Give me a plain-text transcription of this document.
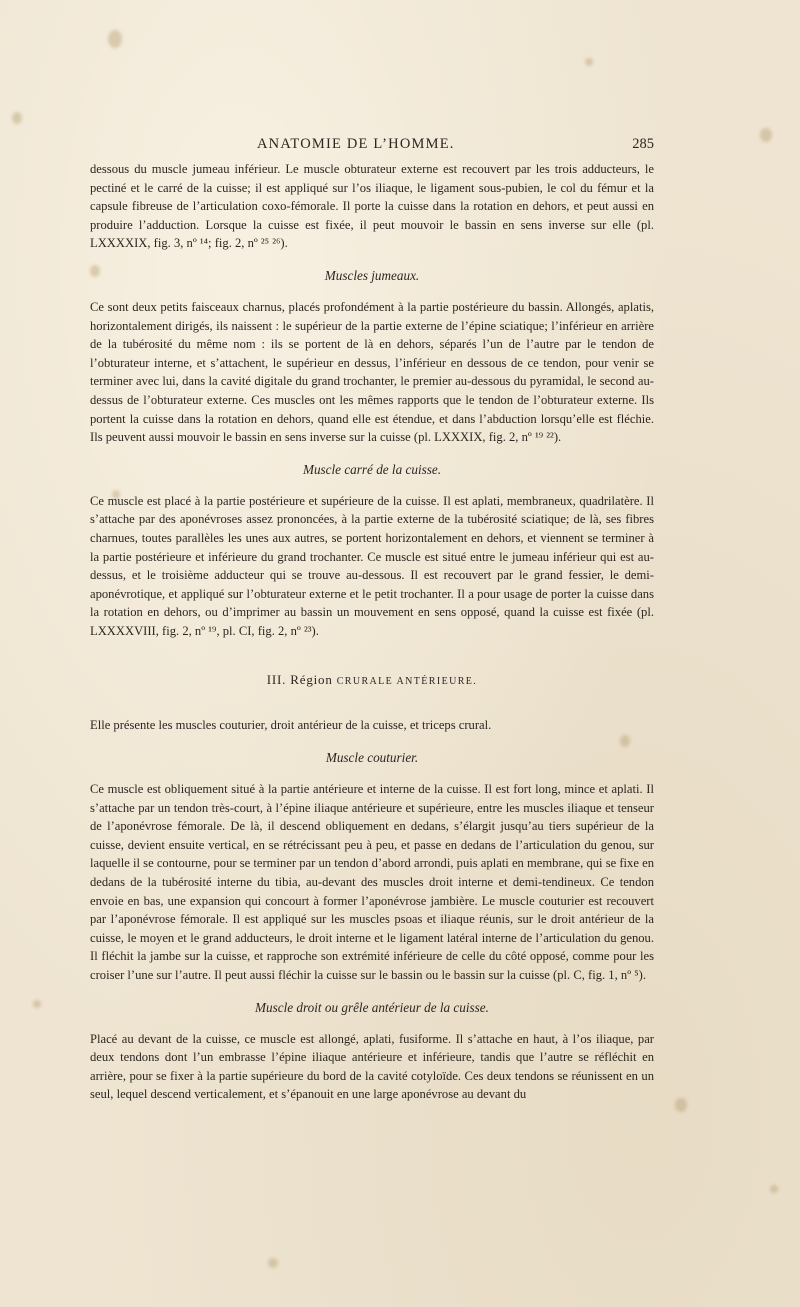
ANATOMIE DE L’HOMME.	285

dessous du muscle jumeau inférieur. Le muscle obturateur externe est recouvert par les trois adducteurs, le pectiné et le carré de la cuisse; il est appliqué sur l’os iliaque, le ligament sous-pubien, le col du fémur et la capsule fibreuse de l’articulation coxo-fémorale. Il porte la cuisse dans la rotation en dehors, et peut aussi en produire l’adduction. Lorsque la cuisse est fixée, il peut mouvoir le bassin en sens inverse sur elle (pl. LXXXXIX, fig. 3, nº ¹⁴; fig. 2, nº ²⁵ ²⁶).

Muscles jumeaux.

Ce sont deux petits faisceaux charnus, placés profondément à la partie postérieure du bassin. Allongés, aplatis, horizontalement dirigés, ils naissent : le supérieur de la partie externe de l’épine sciatique; l’inférieur en arrière de la tubérosité du même nom : ils se portent de là en dehors, séparés l’un de l’autre par le tendon de l’obturateur interne, et s’attachent, le supérieur en dessus, l’inférieur en dessous de ce tendon, pour venir se terminer avec lui, dans la cavité digitale du grand trochanter, le premier au-dessous du pyramidal, le second au-dessus de l’obturateur externe. Ces muscles ont les mêmes rapports que le tendon de l’obturateur externe. Ils portent la cuisse dans la rotation en dehors, quand elle est étendue, et dans l’abduction lorsqu’elle est fléchie. Ils peuvent aussi mouvoir le bassin en sens inverse sur la cuisse (pl. LXXXIX, fig. 2, nº ¹⁹ ²²).

Muscle carré de la cuisse.

Ce muscle est placé à la partie postérieure et supérieure de la cuisse. Il est aplati, membraneux, quadrilatère. Il s’attache par des aponévroses assez prononcées, à la partie externe de la tubérosité sciatique; de là, ses fibres charnues, toutes parallèles les unes aux autres, se portent horizontalement en dehors, et viennent se terminer à la partie postérieure et inférieure du grand trochanter. Ce muscle est situé entre le jumeau inférieur qui est au-dessus, et le troisième adducteur qui se trouve au-dessous. Il est recouvert par le grand fessier, le demi-aponévrotique, et appliqué sur l’obturateur externe et le petit trochanter. Il a pour usage de porter la cuisse dans la rotation en dehors, ou d’imprimer au bassin un mouvement en sens opposé, quand la cuisse est fixée (pl. LXXXXVIII, fig. 2, nº ¹⁹, pl. CI, fig. 2, nº ²³).

III. Région CRURALE ANTÉRIEURE.

Elle présente les muscles couturier, droit antérieur de la cuisse, et triceps crural.

Muscle couturier.

Ce muscle est obliquement situé à la partie antérieure et interne de la cuisse. Il est fort long, mince et aplati. Il s’attache par un tendon très-court, à l’épine iliaque antérieure et supérieure, entre les muscles iliaque et tenseur de l’aponévrose fémorale. De là, il descend obliquement en dedans, s’élargit jusqu’au tiers supérieur de la cuisse, devient ensuite vertical, en se rétrécissant peu à peu, et passe en dedans de l’articulation du genou, sur laquelle il se contourne, pour se terminer par un tendon d’abord arrondi, puis aplati en membrane, qui se fixe en dedans de la tubérosité interne du tibia, au-devant des muscles droit interne et demi-tendineux. Ce tendon envoie en bas, une expansion qui concourt à former l’aponévrose jambière. Le muscle couturier est recouvert par l’aponévrose fémorale. Il est appliqué sur les muscles psoas et iliaque réunis, sur le droit antérieur de la cuisse, le moyen et le grand adducteurs, le droit interne et le ligament latéral interne de l’articulation du genou. Il fléchit la jambe sur la cuisse, et rapproche son extrémité inférieure de celle du côté opposé, comme pour les croiser l’une sur l’autre. Il peut aussi fléchir la cuisse sur le bassin ou le bassin sur la cuisse (pl. C, fig. 1, nº ⁵).

Muscle droit ou grêle antérieur de la cuisse.

Placé au devant de la cuisse, ce muscle est allongé, aplati, fusiforme. Il s’attache en haut, à l’os iliaque, par deux tendons dont l’un embrasse l’épine iliaque antérieure et inférieure, tandis que l’autre se réfléchit en arrière, pour se fixer à la partie supérieure du bord de la cavité cotyloïde. Ces deux tendons se réunissent en un seul, lequel descend verticalement, et s’épanouit en une large aponévrose au devant du
